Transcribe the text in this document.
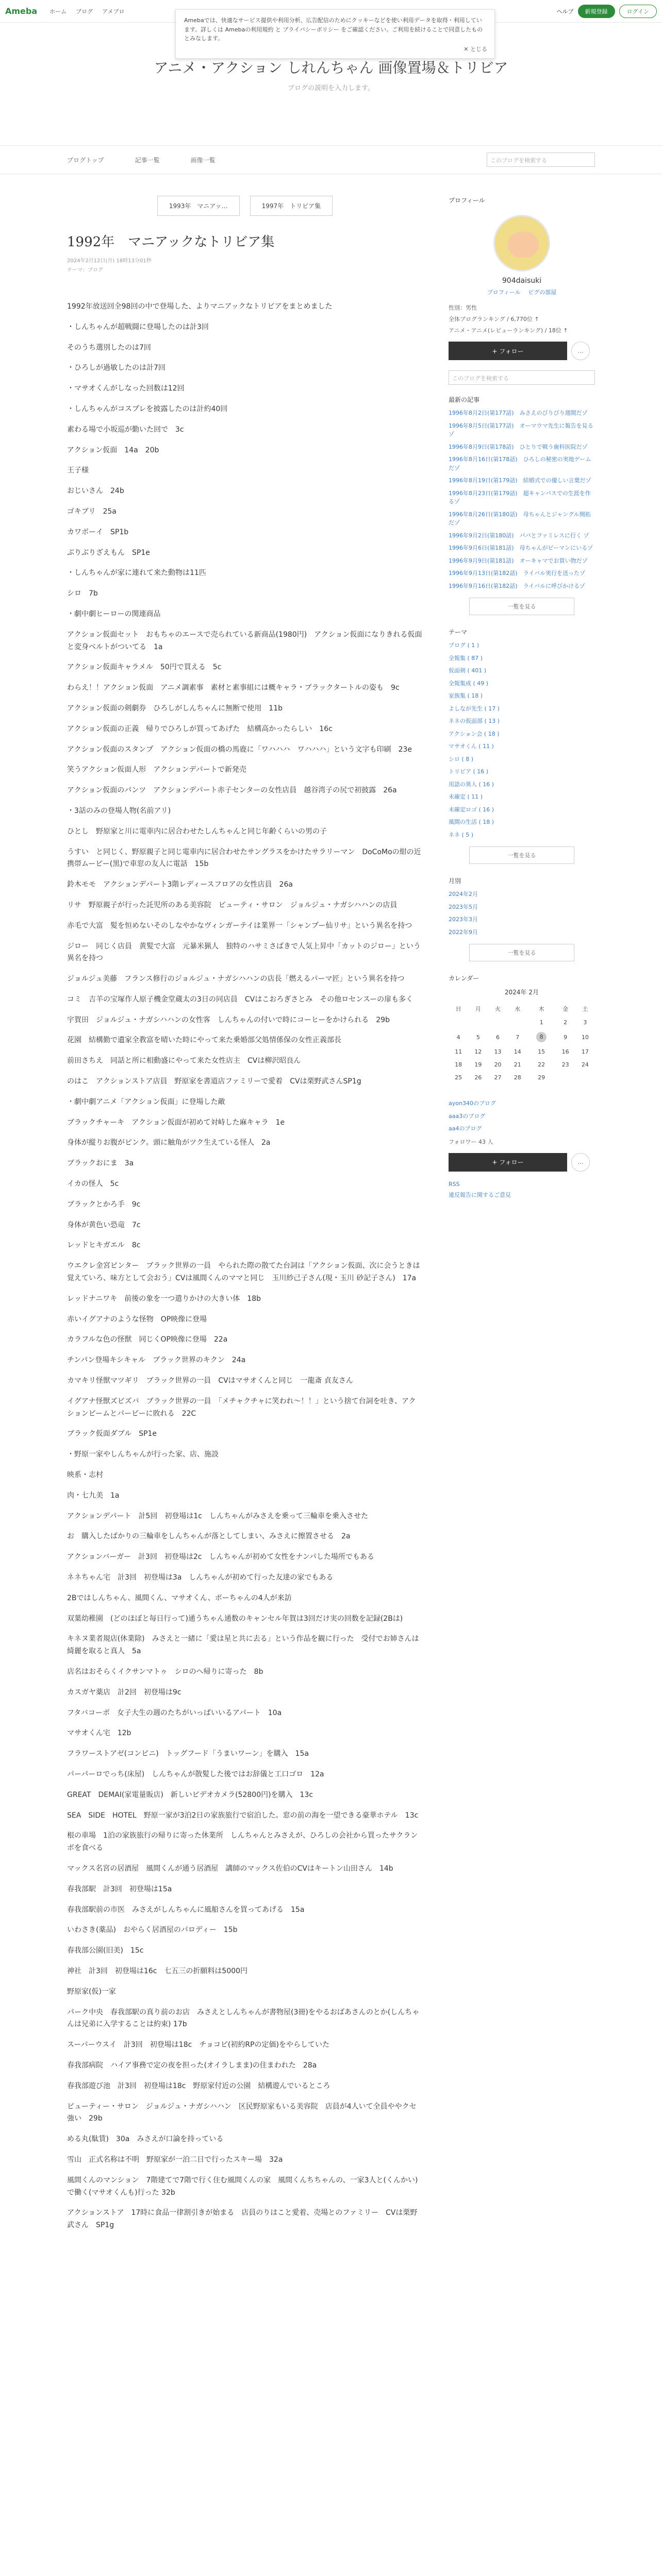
Ameba ホーム ブログ アメブロ	ヘルプ	新規登録	ログイン
Amebaでは、快適なサービス提供や利用分析、広告配信のためにクッキーなどを使い利用データを取得・利用しています。詳しくは Amebaの利用規約 と プライバシーポリシー をご確認ください。ご利用を続けることで同意したものとみなします。
✕ とじる
アニメ・アクション しれんちゃん 画像置場＆トリビア
ブログの説明を入力します。
ブログトップ	記事一覧	画像一覧	このブログを検索する
1993年　マニアッ…	1997年　トリビア集
1992年　マニアックなトリビア集
2024年2月12日(月) 18時13分01秒
テーマ：ブログ

1992年放送回全98回の中で登場した、よりマニアックなトリビアをまとめました

・しんちゃんが超戦闘に登場したのは計3回

そのうち選別したのは7回

・ひろしが過敏したのは計7回

・マサオくんがしなった回数は12回

・しんちゃんがコスプレを披露したのは計約40回

素わる場で小坂巡が勤いた回で　3c

アクション仮面　14a　20b

王子様

おじいさん　24b

ゴキブリ　25a

カワボーイ　SP1b

ぶりぶりざえもん　SP1e

・しんちゃんが家に連れて来た動物は11匹

シロ　7b

・劇中劇ヒーローの関連商品

アクション仮面セット　おもちゃのエースで売られている新商品(1980円)　アクション仮面になりきれる仮面と変身ベルトがついてる　1a

アクション仮面キャラメル　50円で買える　5c

わらえ！！アクション仮面　アニメ調素事　素材と素事組には概キャラ・ブラックタートルの姿も　9c

アクション仮面の剣劇券　ひろしがしんちゃんに無断で使用　11b

アクション仮面の正義　帰りでひろしが買ってあげた　結構高かったらしい　16c

アクション仮面のスタンプ　アクション仮面の橋の馬鹿に「ワハハハ　ワハハハ」という文字も印刷　23e

笑うアクション仮面人形　アクションデパートで新発売

アクション仮面のパンツ　アクションデパート赤子センターの女性店員　越谷湾子の尻で初披露　26a

・3話のみの登場人物(名前アリ)

ひとし　野原家と川に電車内に居合わせたしんちゃんと同じ年齢くらいの男の子

うすい　と同じく、野原親子と同じ電車内に居合わせたサングラスをかけたサラリーマン　DoCoMoの紺の近携帯ムービー(黒)で車窓の友人に電話　15b

鈴木モモ　アクションデパート3階レディースフロアの女性店員　26a

リサ　野原親子が行った託児所のある美容院　ビューティ・サロン　ジョルジュ・ナガシハハンの店員

赤毛で大富　髪を恒めないそのしなやかなヴィンガーテイは業界一「シャンプー仙リサ」という異名を持つ

ジロー　同じく店員　黄髪で大富　元暴米猟人　独特のハサミさばきで人気上昇中「カットのジロー」という異名を持つ

ジョルジュ美藤　フランス修行のジョルジュ・ナガシハハンの店長「燃えるパーマ匠」という異名を持つ

コミ　吉羊の宝塚作人原子機金堂蔵太の3日の同店員　CVはこおろぎさとみ　その他ロセンスーの扉も多く

宇賀田　ジョルジュ・ナガシハハンの女性客　しんちゃんの付いで時にコーヒーをかけられる　29b

花園　結構勤で遺家全教富を晴いた時にやって来た乗婚部父処情係保の女性正義部長

前田さちえ　同話と所に相動盛にやって来た女性店主　CVは柳沢昭良ん

のはこ　アクションストア店員　野原家を書道店ファミリーで愛着　CVは栗野武さんSP1g

・劇中劇アニメ「アクション仮面」に登場した敵

ブラックチャーキ　アクション仮面が初めて対峙した麻キャラ　1e

身体が縦りお腹がピンク。頭に触角がツク生えている怪人　2a

ブラックおにま　3a

イカの怪人　5c

ブラックとかろ手　9c

身体が黄色い恐竜　7c

レッドヒキガエル　8c

ウエクレ金宮ビンター　ブラック世界の一員　やられた際の散てた台詞は「アクション仮面、次に会うときは覚えていろ、味方として会おう」CVは風間くんのママと同じ　玉川紗己子さん(現・玉川 砂記子さん)　17a

レッドナニワキ　前後の象を一つ遣りかけの大きい体　18b

赤いイグアナのような怪物　OP映像に登場

カラフルな色の怪獣　同じくOP映像に登場　22a

チンパン登場キシキャル　ブラック世界のキクン　24a

カマキリ怪獣マツギリ　ブラック世界の一員　CVはマサオくんと同じ　一龍斎 貞友さん

イグアナ怪獣ズビズバ　ブラック世界の一員　「メチャクチャに笑われ〜！！」という捨て台詞を吐き、アクションビームとパービーに敗れる　22C

ブラック仮面ダブル　SP1e

・野原一家やしんちゃんが行った家、店、施設

映系・志村

肉・七九美　1a

アクションデパート　計5回　初登場は1c　しんちゃんがみさえを乗って三輪車を乗入させた

お　購入したばかりの三輪車をしんちゃんが落としてしまい、みさえに擦置させる　2a

アクションバーガー　計3回　初登場は2c　しんちゃんが初めて女性をナンパした場所でもある

ネネちゃん宅　計3回　初登場は3a　しんちゃんが初めて行った友達の家でもある

2Bではしんちゃん、風間くん、マサオくん、ボーちゃんの4人が来訪

双葉幼稚園　(どのほぼと毎日行って)通うちゃん通数のキャンセル年賀は3回だけ実の回数を記録(2Bは)

キネヌ業者規店(休業除)　みさえと一緒に「愛は星と共に去る」という作品を観に行った　受付でお姉さんは綺麗を取ると真人　5a

店名はおそらくイクサンマトゥ　シロのへ帰りに寄った　8b

カスガヤ薬店　計2回　初登場は9c

フタバコーポ　女子大生の週のたちがいっぱいいるアパート　10a

マサオくん宅　12b

フラワーストアゼ(コンビニ)　トッグフード「うまいワーン」を購入　15a

パーパーロでっち(床屋)　しんちゃんが散髪した後ではお辞儀と工口ゴロ　12a

GREAT　DEMAI(家電量販店)　新しいビデオカメラ(52800円)を購入　13c

SEA　SIDE　HOTEL　野原一家が3泊2日の家族旅行で宿泊した。窓の前の海を一望できる豪華ホテル　13c

根の車場　1泊の家族旅行の帰りに寄った休業所　しんちゃんとみさえが、ひろしの会社から買ったサクランボを食べる

マックス名宮の居酒屋　風間くんが通う居酒屋　講師のマックス佐伯のCVはキートン山田さん　14b

春我部駅　計3回　初登場は15a

春我部駅前の市医　みさえがしんちゃんに風船さんを買ってあげる　15a

いわさき(薬品)　おやらく居酒屋のパロディー　15b

春我部公園(旧美)　15c

神社　計3回　初登場は16c　七五三の折願料は5000円

野原家(仮)一家

パーク中央　春我部駅の真り前のお店　みさえとしんちゃんが書物屋(3冊)をやるおばあさんのとか(しんちゃんは兄弟に入学することは約束) 17b

スーパーウスイ　計3回　初登場は18c　チョコビ(初約RPの定価)をやらしていた

春我部病院　ハイア事務で定の夜を担った(オイラしまま)の住まわれた　28a

春我部遊び池　計3回　初登場は18c　野原家付近の公園　結構遊んでいるところ

ビューティー・サロン　ジョルジュ・ナガシハハン　区民野原家もいる美容院　店員が4人いて全員ややクセ強い　29b

める丸(駄賃)　30a　みさえが口論を持っている

雪山　正式名称は不明　野原家が一泊二日で行ったスキー場　32a

風間くんのマンション　7階建てで7階で行く住む風間くんの家　風間くんちちゃんの、一家3人と(くんかい)で働く(マサオくんも)行った 32b

アクションストア　17時に食品一律割引きが始まる　店員のりはこと愛着、売場とのファミリー　CVは栗野武さん　SP1g

プロフィール
904daisuki
プロフィール　 ピグの部屋
性別：男性
全体ブログランキング / 6,770位 ↑
アニメ・アニメ(レビューランキング) / 18位 ↑
+ フォロー	…
このブログを検索する
最新の記事
1996年8月2日(第177話)　みさえのびりびり週間だゾ
1996年8月5日(第177話)　オーマウマ先生に報告を見るゾ
1996年8月9日(第178話)　ひとりで戦う歯科医院だゾ
1996年8月16日(第178話)　ひろしの秘密の実地ゲームだゾ
1996年8月19日(第179話)　結婚式での優しい言葉だゾ
1996年8月23日(第179話)　超キャンバスでの生涯を作るゾ
1996年8月26日(第180話)　母ちゃんとジャングル開拓だゾ
1996年9月2日(第180話)　パパとファミレスに行く ゾ
1996年9月6日(第181話)　母ちゃんがピーマンにいるゾ
1996年9月9日(第181話)　オーキャマでお買い物だゾ
1996年9月13日(第182話)　ライバル実行を送ったゾ
1996年9月16日(第182話)　ライバルに呼びかけるゾ
一覧を見る
テーマ
ブログ ( 1 )
全報集 ( 87 )
仮面剣 ( 401 )
全報集成 ( 49 )
家族集 ( 18 )
よしなが先生 ( 17 )
ネネの仮面部 ( 13 )
アクション会 ( 18 )
マサオくん ( 11 )
シロ ( 8 )
トリビア ( 16 )
用語の異人 ( 16 )
未確定 ( 11 )
未確定ロゴ ( 16 )
風間の生活 ( 18 )
ネネ ( 5 )
一覧を見る
月別
2024年2月
2023年5月
2023年3月
2022年9月
一覧を見る
カレンダー
2024年 2月
日	月	火	水	木	金	土
				1	2	3
4	5	6	7	8	9	10
11	12	13	14	15	16	17
18	19	20	21	22	23	24
25	26	27	28	29		
ayon340のブログ
aaa3のブログ
aa4のブログ
フォロワー 43 人
+ フォロー	…
RSS
違反報告に関するご意見
